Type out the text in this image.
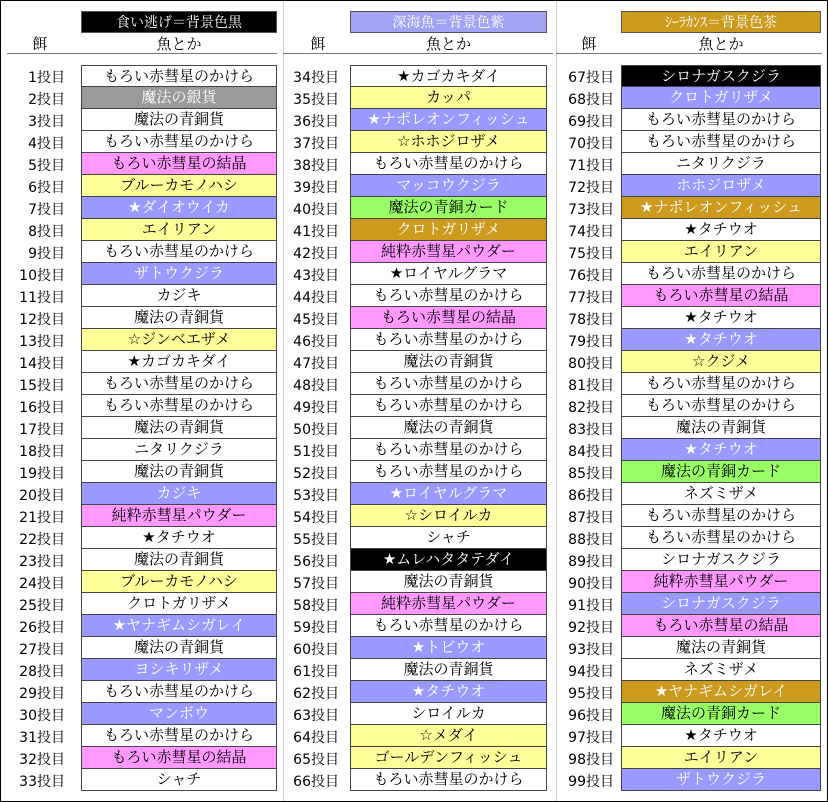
食い逃げ＝背景色黒
餌	魚とか
1投目	もろい赤彗星のかけら
2投目	魔法の銀貨
3投目	魔法の青銅貨
4投目	もろい赤彗星のかけら
5投目	もろい赤彗星の結晶
6投目	ブルーカモノハシ
7投目	★ダイオウイカ
8投目	エイリアン
9投目	もろい赤彗星のかけら
10投目	ザトウクジラ
11投目	カジキ
12投目	魔法の青銅貨
13投目	☆ジンベエザメ
14投目	★カゴカキダイ
15投目	もろい赤彗星のかけら
16投目	もろい赤彗星のかけら
17投目	魔法の青銅貨
18投目	ニタリクジラ
19投目	魔法の青銅貨
20投目	カジキ
21投目	純粋赤彗星パウダー
22投目	★タチウオ
23投目	魔法の青銅貨
24投目	ブルーカモノハシ
25投目	クロトガリザメ
26投目	★ヤナギムシガレイ
27投目	魔法の青銅貨
28投目	ヨシキリザメ
29投目	もろい赤彗星のかけら
30投目	マンボウ
31投目	もろい赤彗星のかけら
32投目	もろい赤彗星の結晶
33投目	シャチ
深海魚＝背景色紫
餌	魚とか
34投目	★カゴカキダイ
35投目	カッパ
36投目	★ナポレオンフィッシュ
37投目	☆ホホジロザメ
38投目	もろい赤彗星のかけら
39投目	マッコウクジラ
40投目	魔法の青銅カード
41投目	クロトガリザメ
42投目	純粋赤彗星パウダー
43投目	★ロイヤルグラマ
44投目	もろい赤彗星のかけら
45投目	もろい赤彗星の結晶
46投目	もろい赤彗星のかけら
47投目	魔法の青銅貨
48投目	もろい赤彗星のかけら
49投目	もろい赤彗星のかけら
50投目	魔法の青銅貨
51投目	もろい赤彗星のかけら
52投目	もろい赤彗星のかけら
53投目	★ロイヤルグラマ
54投目	☆シロイルカ
55投目	シャチ
56投目	★ムレハタタテダイ
57投目	魔法の青銅貨
58投目	純粋赤彗星パウダー
59投目	もろい赤彗星のかけら
60投目	★トビウオ
61投目	魔法の青銅貨
62投目	★タチウオ
63投目	シロイルカ
64投目	☆メダイ
65投目	ゴールデンフィッシュ
66投目	もろい赤彗星のかけら
ｼｰﾗｶﾝｽ＝背景色茶
餌	魚とか
67投目	シロナガスクジラ
68投目	クロトガリザメ
69投目	もろい赤彗星のかけら
70投目	もろい赤彗星のかけら
71投目	ニタリクジラ
72投目	ホホジロザメ
73投目	★ナポレオンフィッシュ
74投目	★タチウオ
75投目	エイリアン
76投目	もろい赤彗星のかけら
77投目	もろい赤彗星の結晶
78投目	★タチウオ
79投目	★タチウオ
80投目	☆クジメ
81投目	もろい赤彗星のかけら
82投目	もろい赤彗星のかけら
83投目	魔法の青銅貨
84投目	★タチウオ
85投目	魔法の青銅カード
86投目	ネズミザメ
87投目	もろい赤彗星のかけら
88投目	もろい赤彗星のかけら
89投目	シロナガスクジラ
90投目	純粋赤彗星パウダー
91投目	シロナガスクジラ
92投目	もろい赤彗星の結晶
93投目	魔法の青銅貨
94投目	ネズミザメ
95投目	★ヤナギムシガレイ
96投目	魔法の青銅カード
97投目	★タチウオ
98投目	エイリアン
99投目	ザトウクジラ
